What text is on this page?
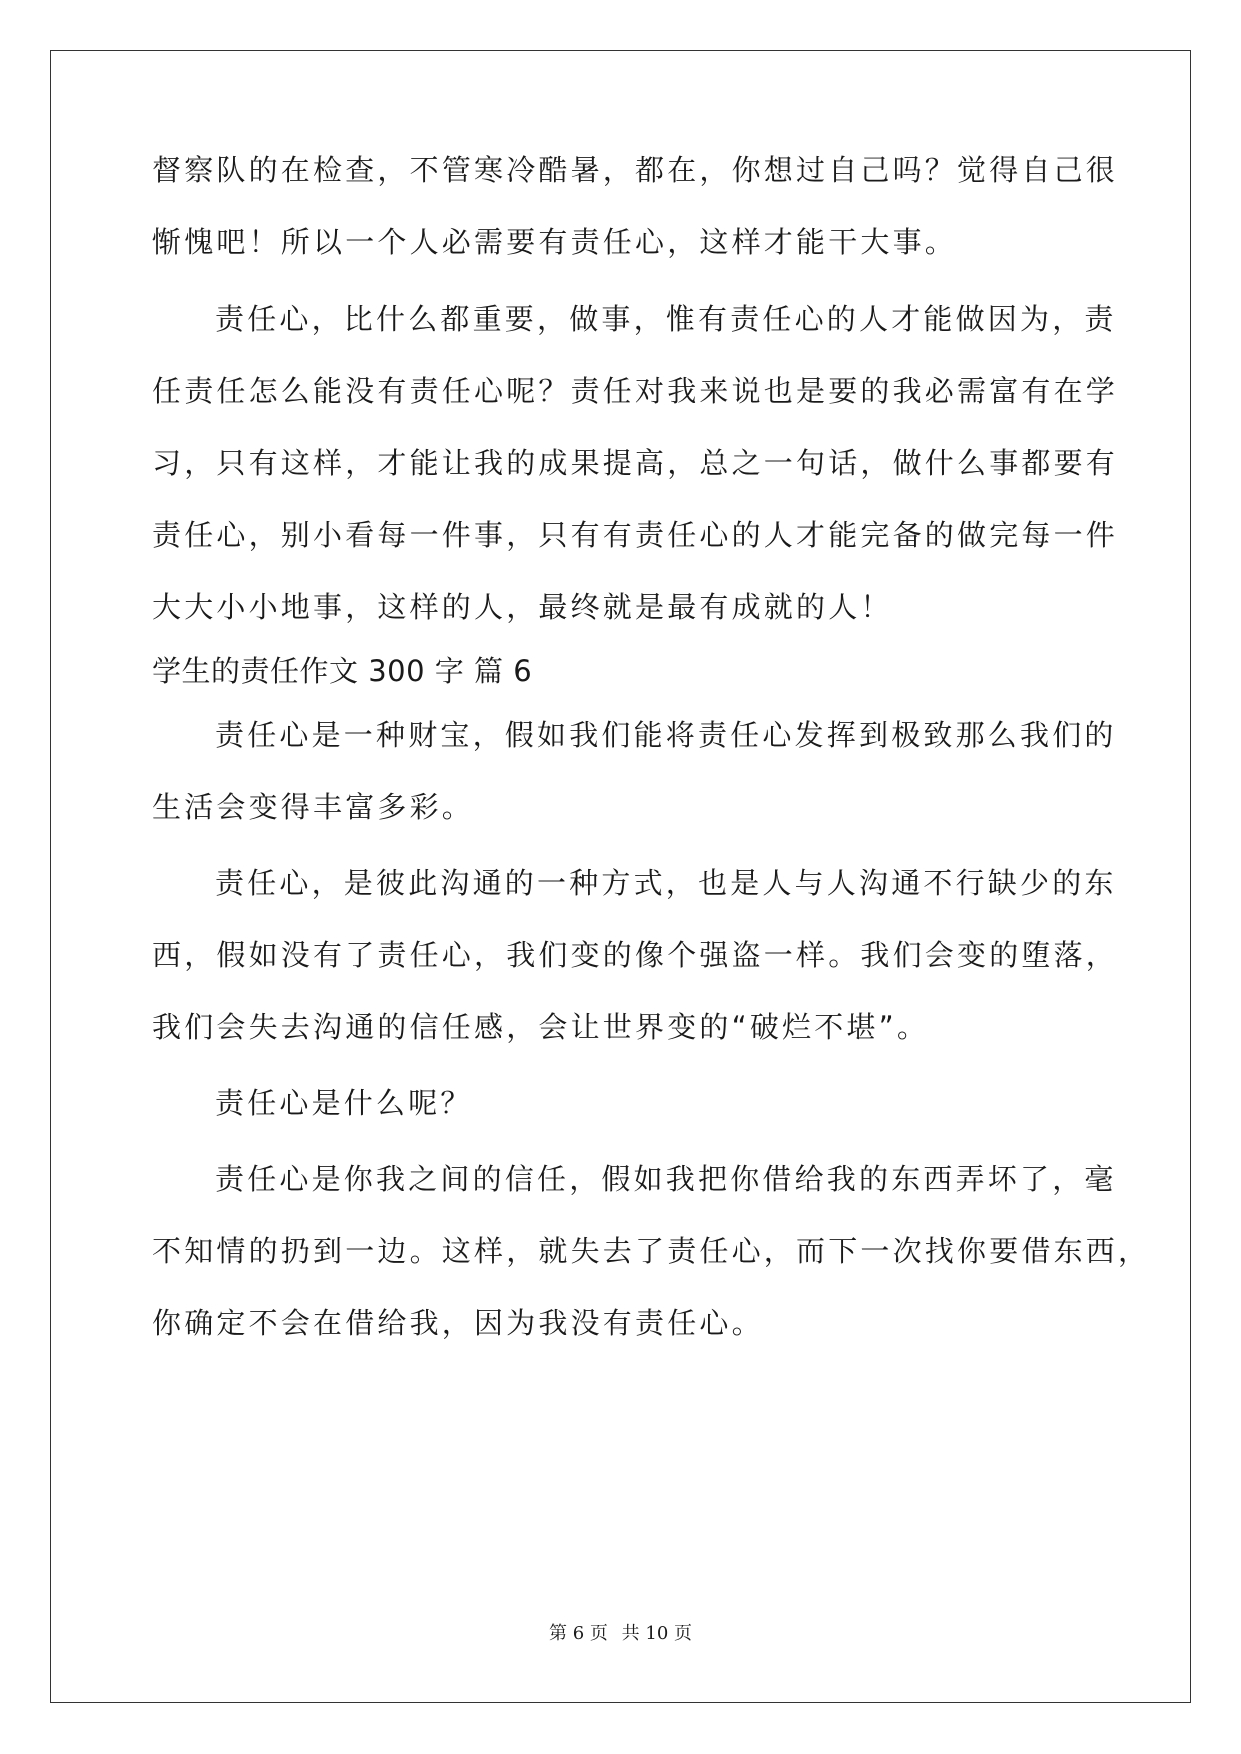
督察队的在检查，不管寒冷酷暑，都在，你想过自己吗？觉得自己很
惭愧吧！所以一个人必需要有责任心，这样才能干大事。
责任心，比什么都重要，做事，惟有责任心的人才能做因为，责
任责任怎么能没有责任心呢？责任对我来说也是要的我必需富有在学
习，只有这样，才能让我的成果提高，总之一句话，做什么事都要有
责任心，别小看每一件事，只有有责任心的人才能完备的做完每一件
大大小小地事，这样的人，最终就是最有成就的人！
学生的责任作文 300 字 篇 6
责任心是一种财宝，假如我们能将责任心发挥到极致那么我们的
生活会变得丰富多彩。
责任心，是彼此沟通的一种方式，也是人与人沟通不行缺少的东
西，假如没有了责任心，我们变的像个强盗一样。我们会变的堕落，
我们会失去沟通的信任感，会让世界变的“破烂不堪”。
责任心是什么呢？
责任心是你我之间的信任，假如我把你借给我的东西弄坏了，毫
不知情的扔到一边。这样，就失去了责任心，而下一次找你要借东西，
你确定不会在借给我，因为我没有责任心。
第 6 页 共 10 页
